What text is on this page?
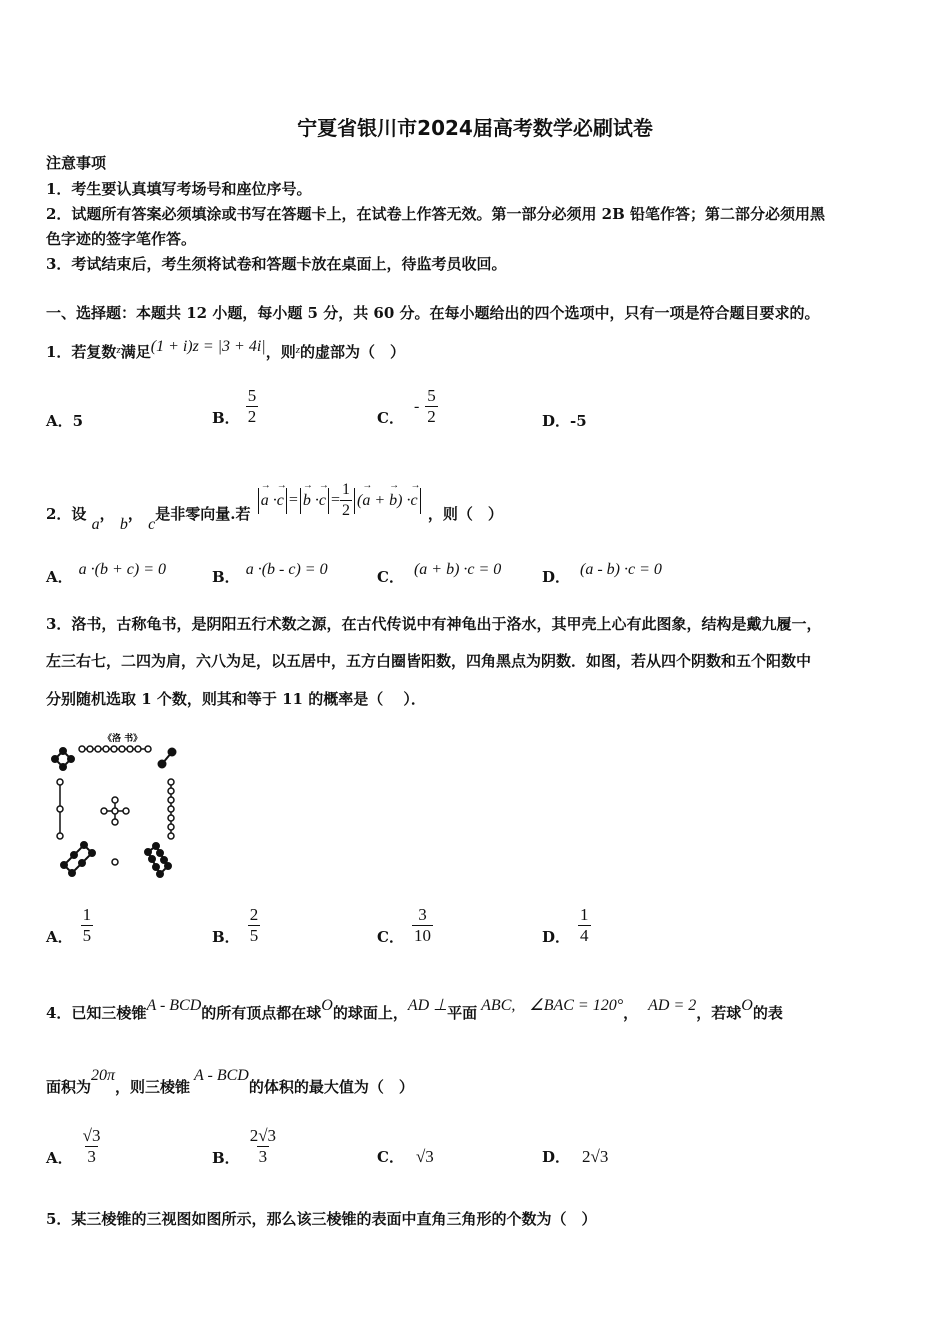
宁夏省银川市2024届高考数学必刷试卷
注意事项
1．考生要认真填写考场号和座位序号。
2．试题所有答案必须填涂或书写在答题卡上，在试卷上作答无效。第一部分必须用 2B 铅笔作答；第二部分必须用黑
色字迹的签字笔作答。
3．考试结束后，考生须将试卷和答题卡放在桌面上，待监考员收回。
一、选择题：本题共 12 小题，每小题 5 分，共 60 分。在每小题给出的四个选项中，只有一项是符合题目要求的。
1．若复数$^z$满足(1 + i)z = |3 + 4i|，则$^z$的虚部为（　）
A．5	B． $\frac{5}{2}$	C．- $\frac{5}{2}$	D．-5
2．设 a， b， c是非零向量.若 → $a \cdot\to c =\to b \cdot\to c = \frac{1}{2}$ (→ a + → b) ·→ c ，则（　）
A． a ·(b + c) = 0	B． a ·(b - c) = 0	C． (a + b) ·c = 0	D． (a - b) ·c = 0
3．洛书，古称龟书，是阴阳五行术数之源，在古代传说中有神龟出于洛水，其甲壳上心有此图象，结构是戴九履一，
左三右七，二四为肩，六八为足，以五居中，五方白圈皆阳数，四角黑点为阴数．如图，若从四个阴数和五个阳数中
分别随机选取 1 个数，则其和等于 11 的概率是（　 ）．
《洛 书》
A． $\frac{1}{5}$	B． $\frac{2}{5}$	C． $\frac{3}{10}$	D． $\frac{1}{4}$
4．已知三棱锥A - BCD的所有顶点都在球O的球面上，AD ⊥平面 ABC, ∠BAC = 120°， AD = 2，若球O的表
面积为20π，则三棱锥A - BCD的体积的最大值为（　）
A． $\frac{√3}{3}$	B． $\frac{2√3}{3}$	C． √3	D． 2√3
5．某三棱锥的三视图如图所示，那么该三棱锥的表面中直角三角形的个数为（　）
